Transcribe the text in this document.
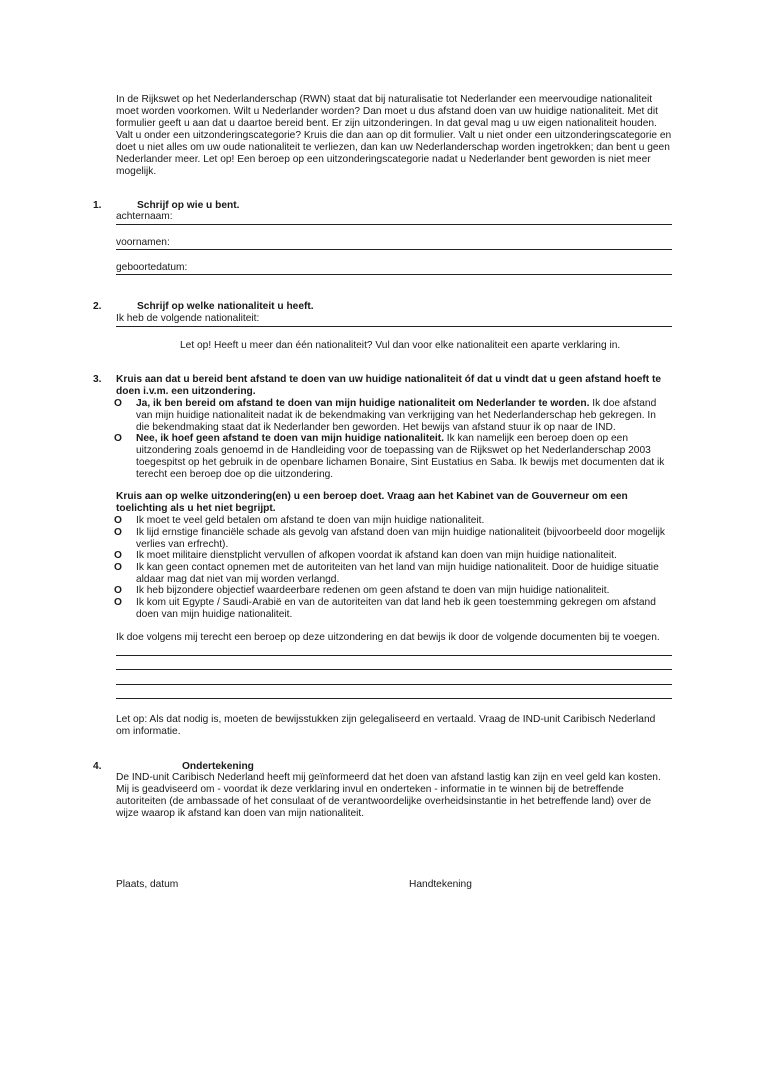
In de Rijkswet op het Nederlanderschap (RWN) staat dat bij naturalisatie tot Nederlander een meervoudige nationaliteit moet worden voorkomen. Wilt u Nederlander worden? Dan moet u dus afstand doen van uw huidige nationaliteit. Met dit formulier geeft u aan dat u daartoe bereid bent. Er zijn uitzonderingen. In dat geval mag u uw eigen nationaliteit houden. Valt u onder een uitzonderingscategorie? Kruis die dan aan op dit formulier. Valt u niet onder een uitzonderingscategorie en doet u niet alles om uw oude nationaliteit te verliezen, dan kan uw Nederlanderschap worden ingetrokken; dan bent u geen Nederlander meer. Let op! Een beroep op een uitzonderingscategorie nadat u Nederlander bent geworden is niet meer mogelijk.
1.	Schrijf op wie u bent.
achternaam:
voornamen:
geboortedatum:
2.	Schrijf op welke nationaliteit u heeft.
Ik heb de volgende nationaliteit:
Let op! Heeft u meer dan één nationaliteit? Vul dan voor elke nationaliteit een aparte verklaring in.
3. Kruis aan dat u bereid bent afstand te doen van uw huidige nationaliteit óf dat u vindt dat u geen afstand hoeft te doen i.v.m. een uitzondering.
O Ja, ik ben bereid om afstand te doen van mijn huidige nationaliteit om Nederlander te worden. Ik doe afstand van mijn huidige nationaliteit nadat ik de bekendmaking van verkrijging van het Nederlanderschap heb gekregen. In die bekendmaking staat dat ik Nederlander ben geworden. Het bewijs van afstand stuur ik op naar de IND.
O Nee, ik hoef geen afstand te doen van mijn huidige nationaliteit. Ik kan namelijk een beroep doen op een uitzondering zoals genoemd in de Handleiding voor de toepassing van de Rijkswet op het Nederlanderschap 2003 toegespitst op het gebruik in de openbare lichamen Bonaire, Sint Eustatius en Saba. Ik bewijs met documenten dat ik terecht een beroep doe op die uitzondering.
Kruis aan op welke uitzondering(en) u een beroep doet. Vraag aan het Kabinet van de Gouverneur om een toelichting als u het niet begrijpt.
O Ik moet te veel geld betalen om afstand te doen van mijn huidige nationaliteit.
O Ik lijd ernstige financiële schade als gevolg van afstand doen van mijn huidige nationaliteit (bijvoorbeeld door mogelijk verlies van erfrecht).
O Ik moet militaire dienstplicht vervullen of afkopen voordat ik afstand kan doen van mijn huidige nationaliteit.
O Ik kan geen contact opnemen met de autoriteiten van het land van mijn huidige nationaliteit. Door de huidige situatie aldaar mag dat niet van mij worden verlangd.
O Ik heb bijzondere objectief waardeerbare redenen om geen afstand te doen van mijn huidige nationaliteit.
O Ik kom uit Egypte / Saudi-Arabië en van de autoriteiten van dat land heb ik geen toestemming gekregen om afstand doen van mijn huidige nationaliteit.
Ik doe volgens mij terecht een beroep op deze uitzondering en dat bewijs ik door de volgende documenten bij te voegen.
Let op: Als dat nodig is, moeten de bewijsstukken zijn gelegaliseerd en vertaald. Vraag de IND-unit Caribisch Nederland om informatie.
4.	Ondertekening
De IND-unit Caribisch Nederland heeft mij geïnformeerd dat het doen van afstand lastig kan zijn en veel geld kan kosten. Mij is geadviseerd om - voordat ik deze verklaring invul en onderteken - informatie in te winnen bij de betreffende autoriteiten (de ambassade of het consulaat of de verantwoordelijke overheidsinstantie in het betreffende land) over de wijze waarop ik afstand kan doen van mijn nationaliteit.
Plaats, datum	Handtekening
